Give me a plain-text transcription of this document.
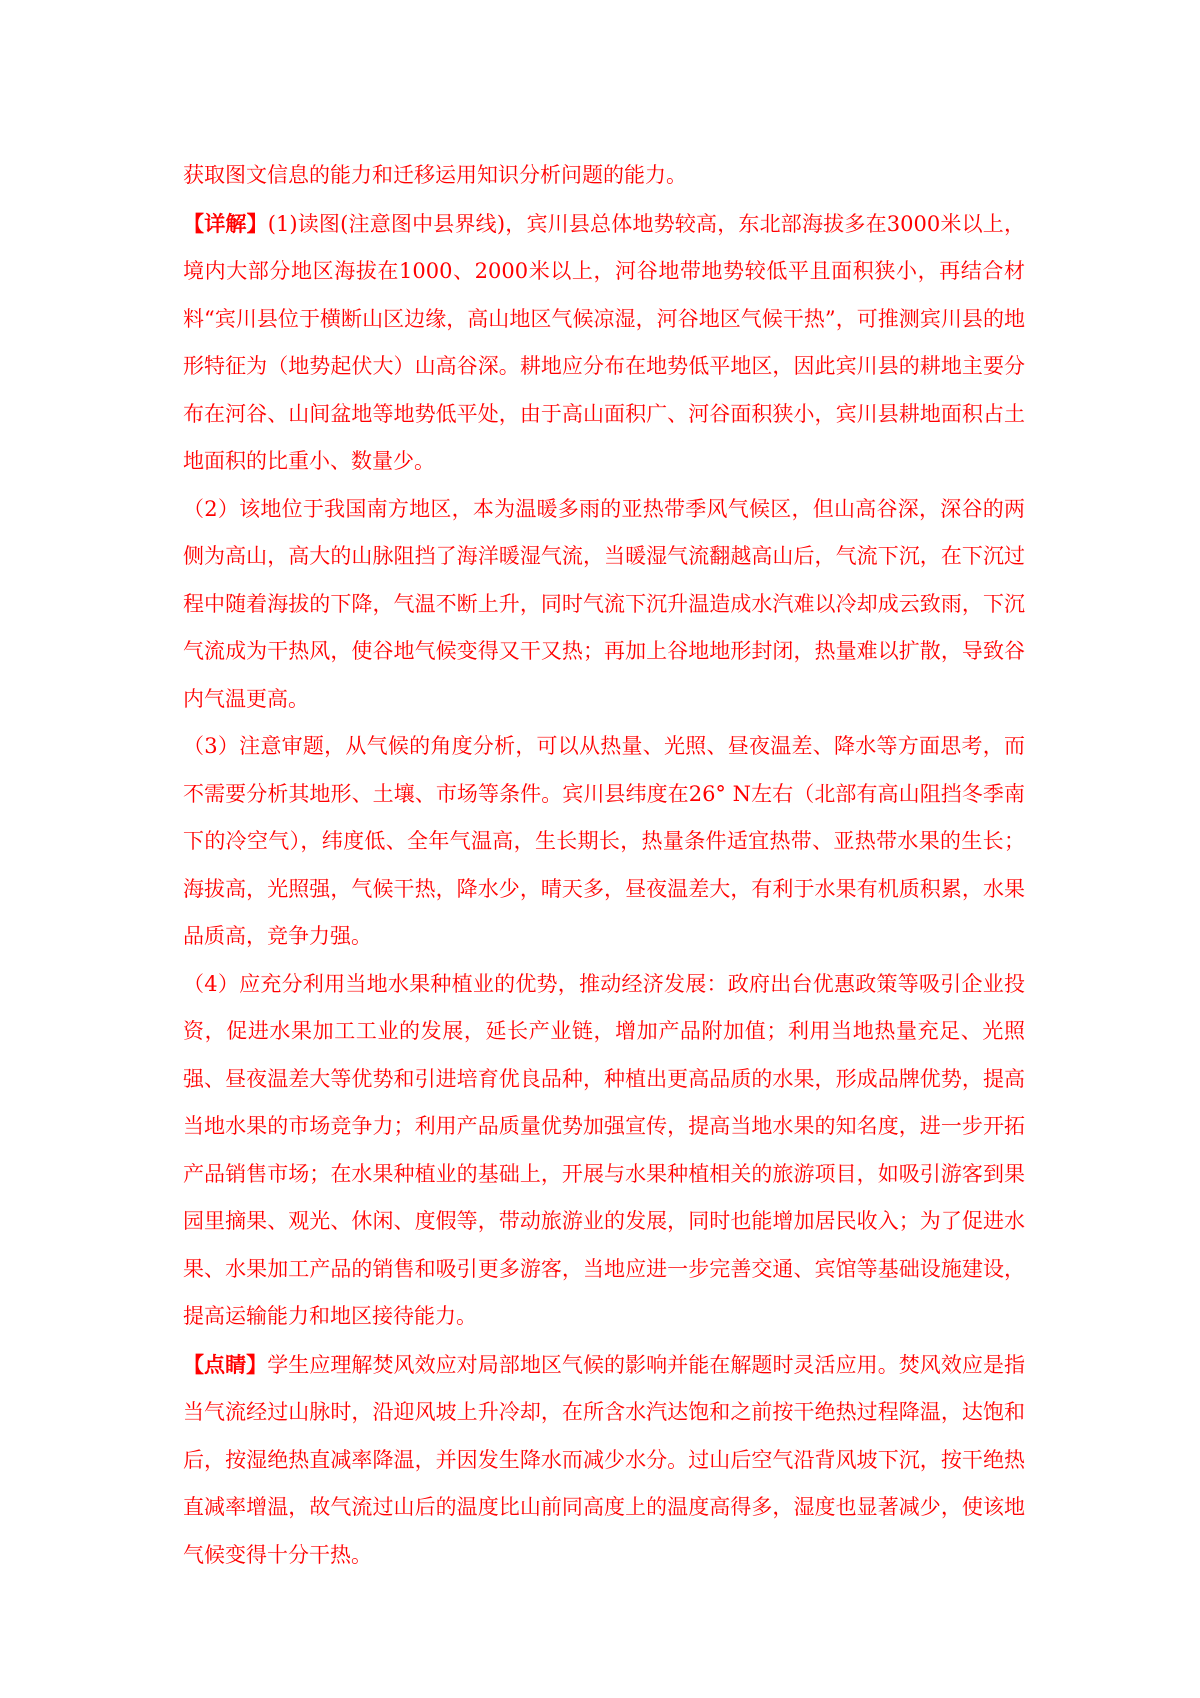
获取图文信息的能力和迁移运用知识分析问题的能力。

【详解】(1)读图(注意图中县界线)，宾川县总体地势较高，东北部海拔多在3000米以上，境内大部分地区海拔在1000、2000米以上，河谷地带地势较低平且面积狭小，再结合材料“宾川县位于横断山区边缘，高山地区气候凉湿，河谷地区气候干热”，可推测宾川县的地形特征为（地势起伏大）山高谷深。耕地应分布在地势低平地区，因此宾川县的耕地主要分布在河谷、山间盆地等地势低平处，由于高山面积广、河谷面积狭小，宾川县耕地面积占土地面积的比重小、数量少。

（2）该地位于我国南方地区，本为温暖多雨的亚热带季风气候区，但山高谷深，深谷的两侧为高山，高大的山脉阻挡了海洋暖湿气流，当暖湿气流翻越高山后，气流下沉，在下沉过程中随着海拔的下降，气温不断上升，同时气流下沉升温造成水汽难以冷却成云致雨，下沉气流成为干热风，使谷地气候变得又干又热；再加上谷地地形封闭，热量难以扩散，导致谷内气温更高。

（3）注意审题，从气候的角度分析，可以从热量、光照、昼夜温差、降水等方面思考，而不需要分析其地形、土壤、市场等条件。宾川县纬度在26° N左右（北部有高山阻挡冬季南下的冷空气），纬度低、全年气温高，生长期长，热量条件适宜热带、亚热带水果的生长；海拔高，光照强，气候干热，降水少，晴天多，昼夜温差大，有利于水果有机质积累，水果品质高，竞争力强。

（4）应充分利用当地水果种植业的优势，推动经济发展：政府出台优惠政策等吸引企业投资，促进水果加工工业的发展，延长产业链，增加产品附加值；利用当地热量充足、光照强、昼夜温差大等优势和引进培育优良品种，种植出更高品质的水果，形成品牌优势，提高当地水果的市场竞争力；利用产品质量优势加强宣传，提高当地水果的知名度，进一步开拓产品销售市场；在水果种植业的基础上，开展与水果种植相关的旅游项目，如吸引游客到果园里摘果、观光、休闲、度假等，带动旅游业的发展，同时也能增加居民收入；为了促进水果、水果加工产品的销售和吸引更多游客，当地应进一步完善交通、宾馆等基础设施建设，提高运输能力和地区接待能力。

【点睛】学生应理解焚风效应对局部地区气候的影响并能在解题时灵活应用。焚风效应是指当气流经过山脉时，沿迎风坡上升冷却，在所含水汽达饱和之前按干绝热过程降温，达饱和后，按湿绝热直减率降温，并因发生降水而减少水分。过山后空气沿背风坡下沉，按干绝热直减率增温，故气流过山后的温度比山前同高度上的温度高得多，湿度也显著减少，使该地气候变得十分干热。
